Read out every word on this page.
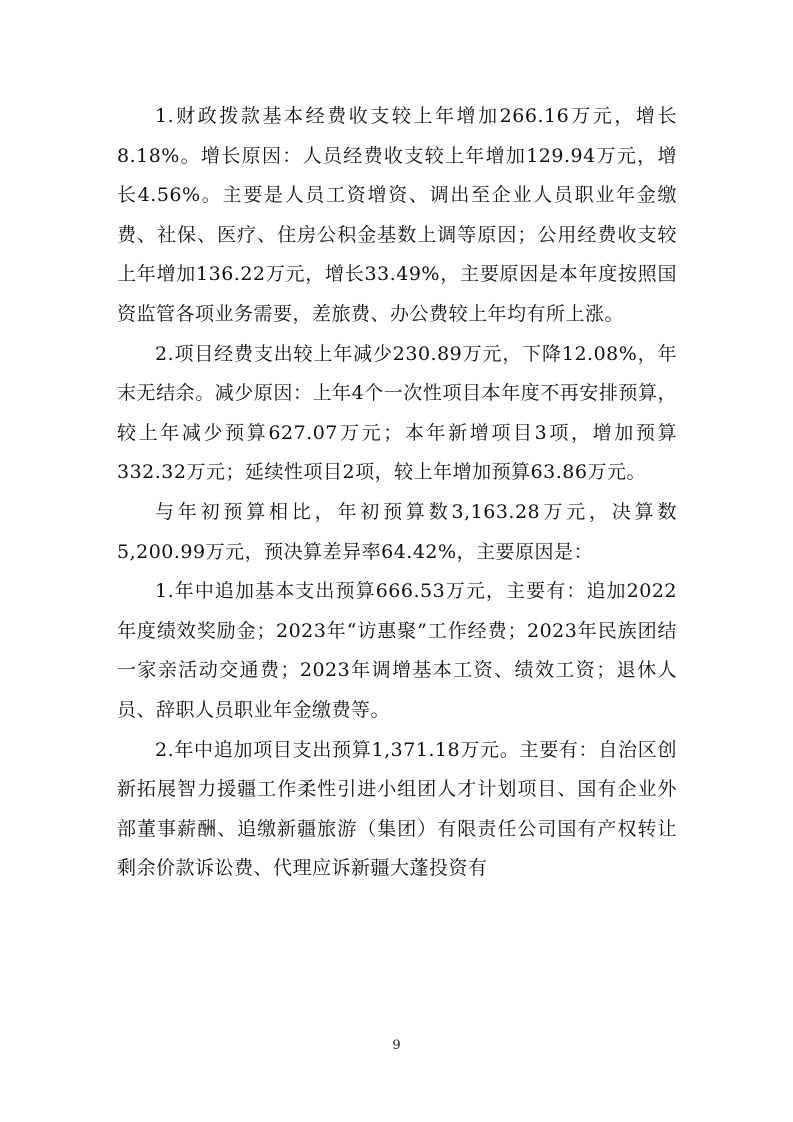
1.财政拨款基本经费收支较上年增加266.16万元，增长8.18%。增长原因：人员经费收支较上年增加129.94万元，增长4.56%。主要是人员工资增资、调出至企业人员职业年金缴费、社保、医疗、住房公积金基数上调等原因；公用经费收支较上年增加136.22万元，增长33.49%，主要原因是本年度按照国资监管各项业务需要，差旅费、办公费较上年均有所上涨。

2.项目经费支出较上年减少230.89万元，下降12.08%，年末无结余。减少原因：上年4个一次性项目本年度不再安排预算，较上年减少预算627.07万元；本年新增项目3项，增加预算332.32万元；延续性项目2项，较上年增加预算63.86万元。

与年初预算相比，年初预算数3,163.28万元，决算数5,200.99万元，预决算差异率64.42%，主要原因是：

1.年中追加基本支出预算666.53万元，主要有：追加2022年度绩效奖励金；2023年“访惠聚”工作经费；2023年民族团结一家亲活动交通费；2023年调增基本工资、绩效工资；退休人员、辞职人员职业年金缴费等。

2.年中追加项目支出预算1,371.18万元。主要有：自治区创新拓展智力援疆工作柔性引进小组团人才计划项目、国有企业外部董事薪酬、追缴新疆旅游（集团）有限责任公司国有产权转让剩余价款诉讼费、代理应诉新疆大蓬投资有

9
